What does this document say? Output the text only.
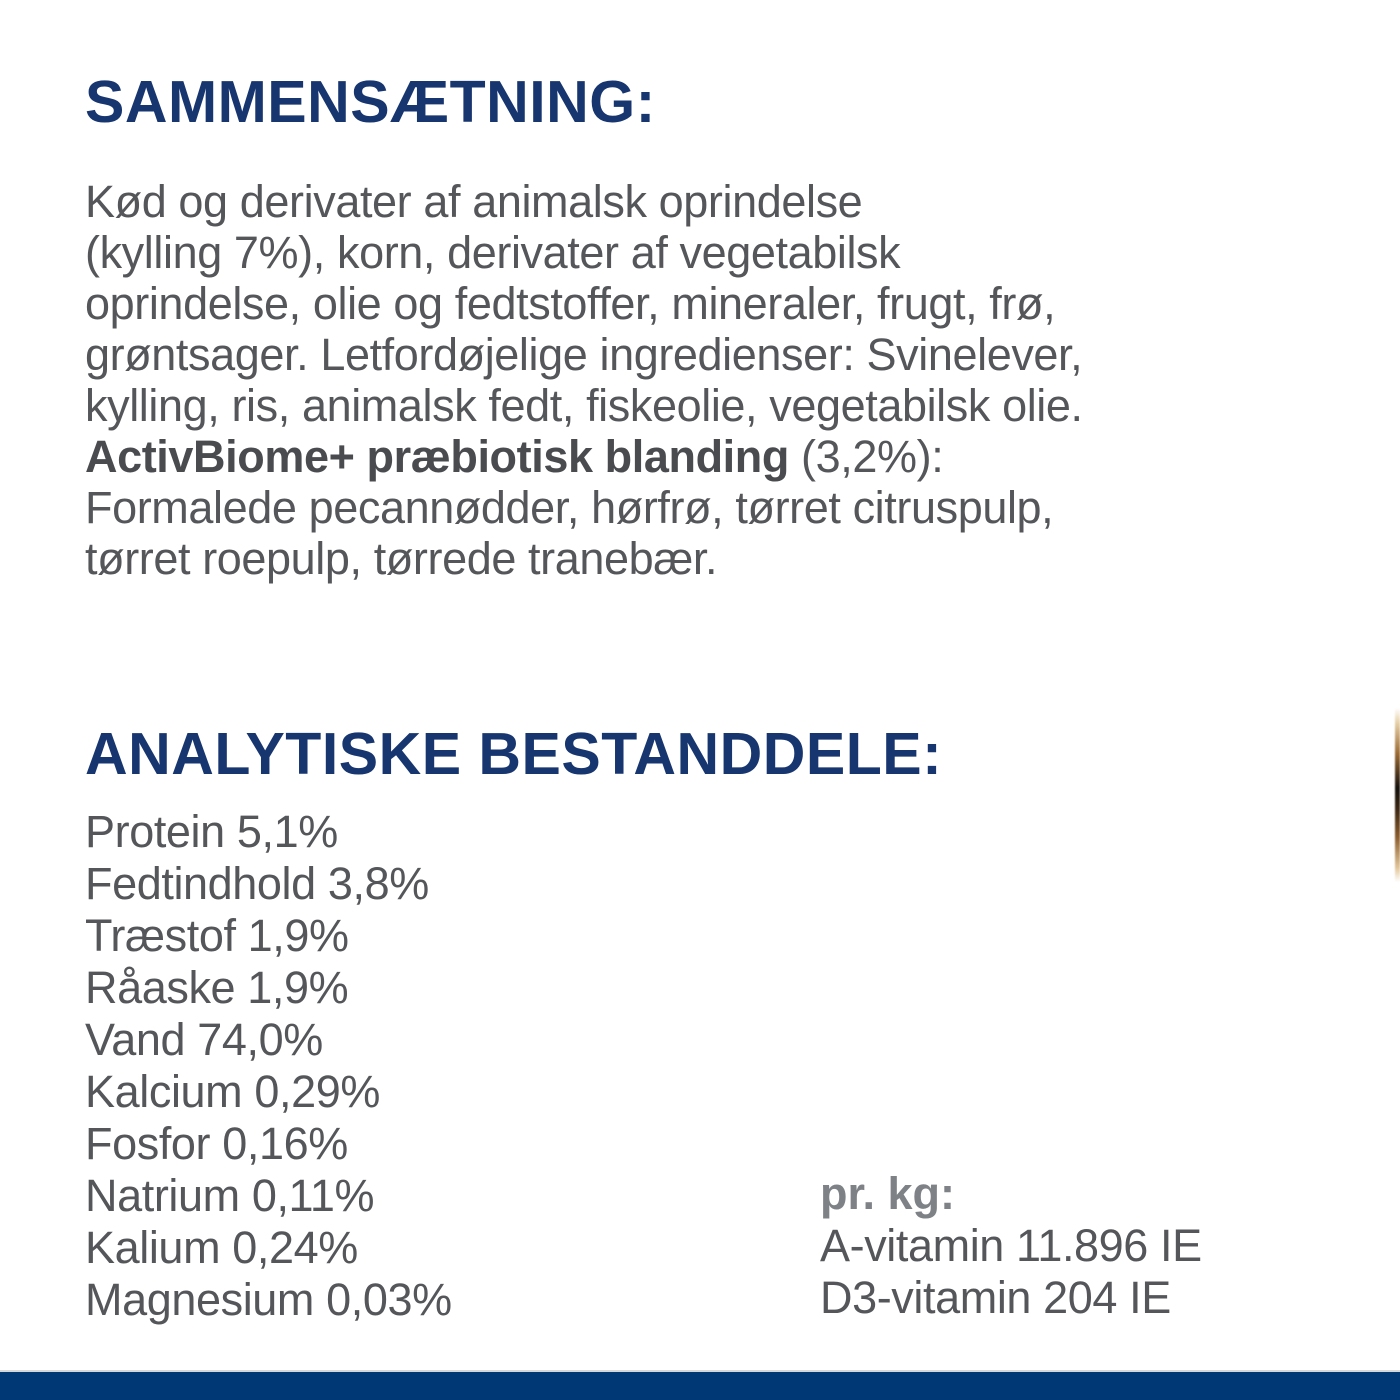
SAMMENSÆTNING:
Kød og derivater af animalsk oprindelse
(kylling 7%), korn, derivater af vegetabilsk
oprindelse, olie og fedtstoffer, mineraler, frugt, frø,
grøntsager. Letfordøjelige ingredienser: Svinelever,
kylling, ris, animalsk fedt, fiskeolie, vegetabilsk olie.
ActivBiome+ præbiotisk blanding (3,2%):
Formalede pecannødder, hørfrø, tørret citruspulp,
tørret roepulp, tørrede tranebær.
ANALYTISKE BESTANDDELE:
Protein 5,1%
Fedtindhold 3,8%
Træstof 1,9%
Råaske 1,9%
Vand 74,0%
Kalcium 0,29%
Fosfor 0,16%
Natrium 0,11%
Kalium 0,24%
Magnesium 0,03%
pr. kg:
A-vitamin 11.896 IE
D3-vitamin 204 IE
